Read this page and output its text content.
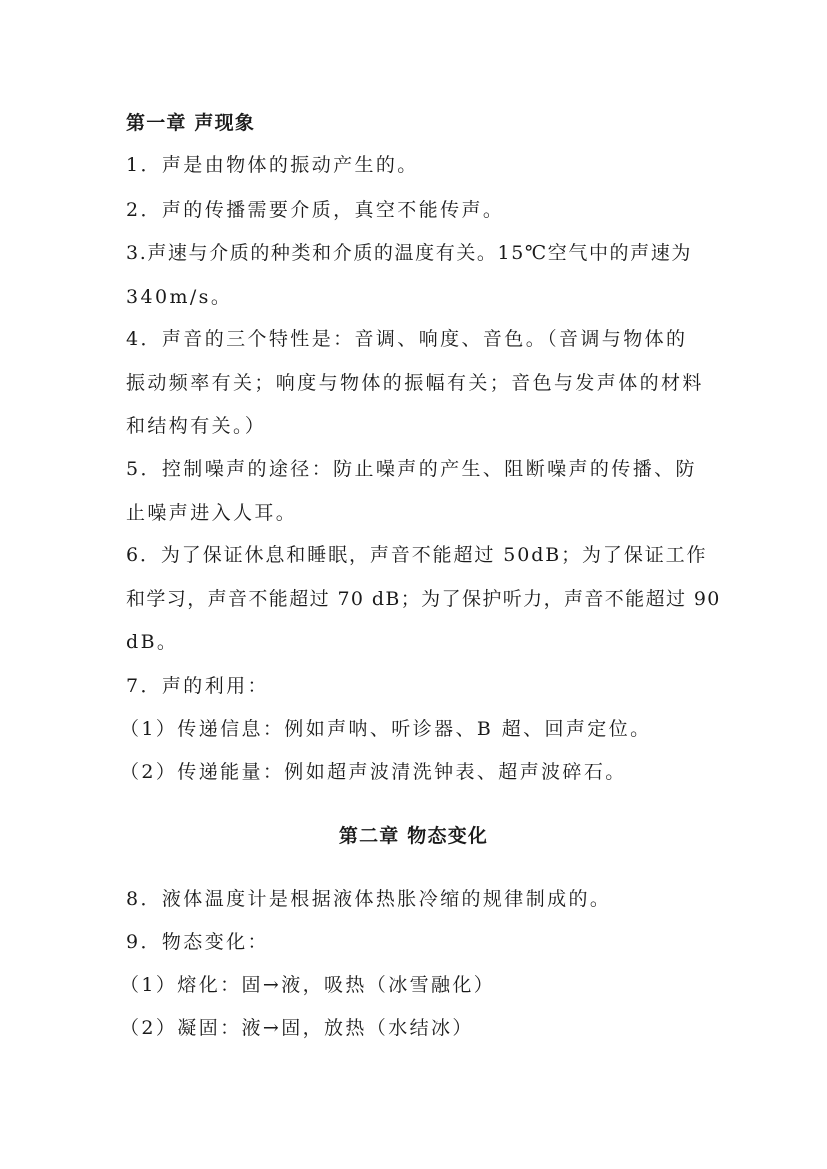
第一章 声现象
1．声是由物体的振动产生的。
2．声的传播需要介质，真空不能传声。
3.声速与介质的种类和介质的温度有关。15℃空气中的声速为
340m/s。
4．声音的三个特性是：音调、响度、音色。（音调与物体的
振动频率有关；响度与物体的振幅有关；音色与发声体的材料
和结构有关。）
5．控制噪声的途径：防止噪声的产生、阻断噪声的传播、防
止噪声进入人耳。
6．为了保证休息和睡眠，声音不能超过 50dB；为了保证工作
和学习，声音不能超过 70 dB；为了保护听力，声音不能超过 90
dB。
7．声的利用：
（1）传递信息：例如声呐、听诊器、B 超、回声定位。
（2）传递能量：例如超声波清洗钟表、超声波碎石。
第二章 物态变化
8．液体温度计是根据液体热胀冷缩的规律制成的。
9．物态变化：
（1）熔化：固→液，吸热（冰雪融化）
（2）凝固：液→固，放热（水结冰）
